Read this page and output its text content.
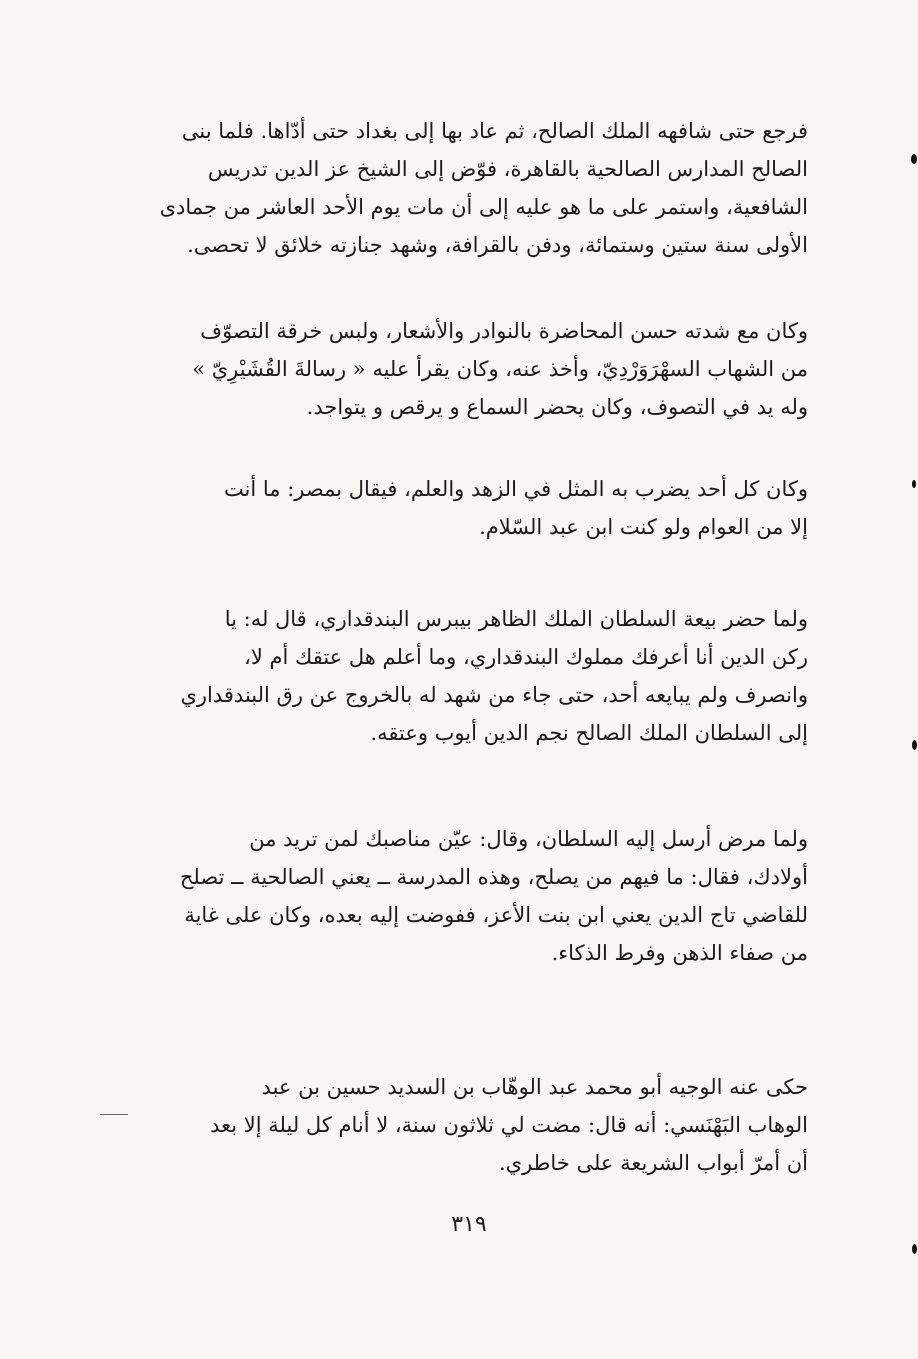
فرجع حتى شافهه الملك الصالح، ثم عاد بها إلى بغداد حتى أدّاها. فلما بنى
الصالح المدارس الصالحية بالقاهرة، فوّض إلى الشيخ عز الدين تدريس
الشافعية، واستمر على ما هو عليه إلى أن مات يوم الأحد العاشر من جمادى
الأولى سنة ستين وستمائة، ودفن بالقرافة، وشهد جنازته خلائق لا تحصى.
وكان مع شدته حسن المحاضرة بالنوادر والأشعار، ولبس خرقة التصوّف
من الشهاب السهْرَوَرْدِيّ، وأخذ عنه، وكان يقرأ عليه « رسالةَ القُشَيْرِيّ »
وله يد في التصوف، وكان يحضر السماع و يرقص و يتواجد.
وكان كل أحد يضرب به المثل في الزهد والعلم، فيقال بمصر: ما أنت
إلا من العوام ولو كنت ابن عبد السّلام.
ولما حضر بيعة السلطان الملك الظاهر بيبرس البندقداري، قال له: يا
ركن الدين أنا أعرفك مملوك البندقداري، وما أعلم هل عتقك أم لا،
وانصرف ولم يبايعه أحد، حتى جاء من شهد له بالخروج عن رق البندقداري
إلى السلطان الملك الصالح نجم الدين أيوب وعتقه.
ولما مرض أرسل إليه السلطان، وقال: عيّن مناصبك لمن تريد من
أولادك، فقال: ما فيهم من يصلح، وهذه المدرسة ــ يعني الصالحية ــ تصلح
للقاضي تاج الدين يعني ابن بنت الأعز، ففوضت إليه بعده، وكان على غاية
من صفاء الذهن وفرط الذكاء.
حكى عنه الوجيه أبو محمد عبد الوهّاب بن السديد حسين بن عبد
الوهاب البَهْنَسي: أنه قال: مضت لي ثلاثون سنة، لا أنام كل ليلة إلا بعد
أن أمرّ أبواب الشريعة على خاطري.
٣١٩
